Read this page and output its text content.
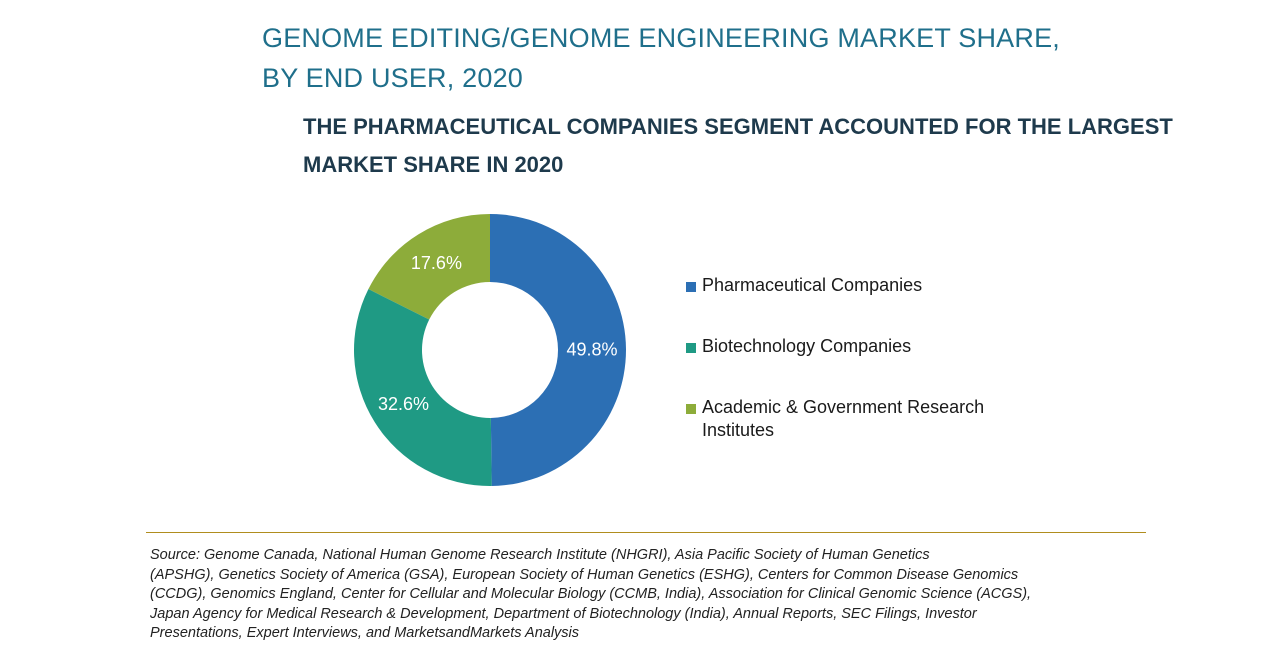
GENOME EDITING/GENOME ENGINEERING MARKET SHARE,
BY END USER, 2020
THE PHARMACEUTICAL COMPANIES SEGMENT ACCOUNTED FOR THE LARGEST
MARKET SHARE IN 2020
49.8%
32.6%
17.6%
Pharmaceutical Companies
Biotechnology Companies
Academic & Government Research
Institutes

Source: Genome Canada, National Human Genome Research Institute (NHGRI), Asia Pacific Society of Human Genetics
(APSHG), Genetics Society of America (GSA), European Society of Human Genetics (ESHG), Centers for Common Disease Genomics
(CCDG), Genomics England, Center for Cellular and Molecular Biology (CCMB, India), Association for Clinical Genomic Science (ACGS),
Japan Agency for Medical Research & Development, Department of Biotechnology (India), Annual Reports, SEC Filings, Investor
Presentations, Expert Interviews, and MarketsandMarkets Analysis
